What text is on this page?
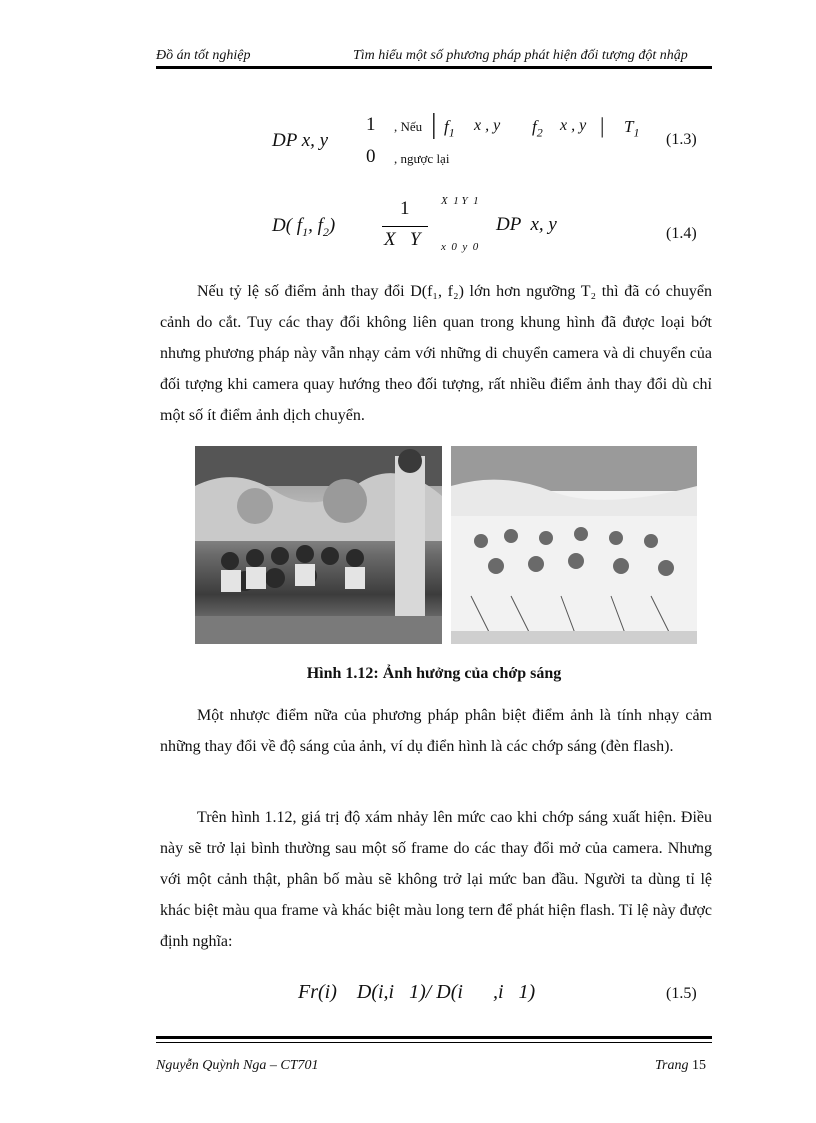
Đồ án tốt nghiệp	Tìm hiểu một số phương pháp phát hiện đối tượng đột nhập
DP x, y
1 , Nếu | $f_1$ x , y $f_2$ x , y | $T_1$
0 , ngược lại
(1.3)
D( $f_1$, $f_2$)
1
X   Y
X  1 Y  1
x  0  y  0
DP  x, y	(1.4)
Nếu tỷ lệ số điểm ảnh thay đổi D(f₁, f₂) lớn hơn ngưỡng T₂ thì đã có chuyển cảnh do cắt. Tuy các thay đổi không liên quan trong khung hình đã được loại bớt nhưng phương pháp này vẫn nhạy cảm với những di chuyển camera và di chuyển của đối tượng khi camera quay hướng theo đối tượng, rất nhiều điểm ảnh thay đổi dù chỉ một số ít điểm ảnh dịch chuyển.
Hình 1.12: Ảnh hưởng của chớp sáng
Một nhược điểm nữa của phương pháp phân biệt điểm ảnh là tính nhạy cảm những thay đổi về độ sáng của ảnh, ví dụ điển hình là các chớp sáng (đèn flash).
Trên hình 1.12, giá trị độ xám nhảy lên mức cao khi chớp sáng xuất hiện. Điều này sẽ trở lại bình thường sau một số frame do các thay đổi mở của camera. Nhưng với một cảnh thật, phân bố màu sẽ không trở lại mức ban đầu. Người ta dùng tỉ lệ khác biệt màu qua frame và khác biệt màu long tern để phát hiện flash. Tỉ lệ này được định nghĩa:
Fr(i)    D(i,i   1)/ D(i      ,i   1)	(1.5)
Nguyễn Quỳnh Nga – CT701	Trang 15
